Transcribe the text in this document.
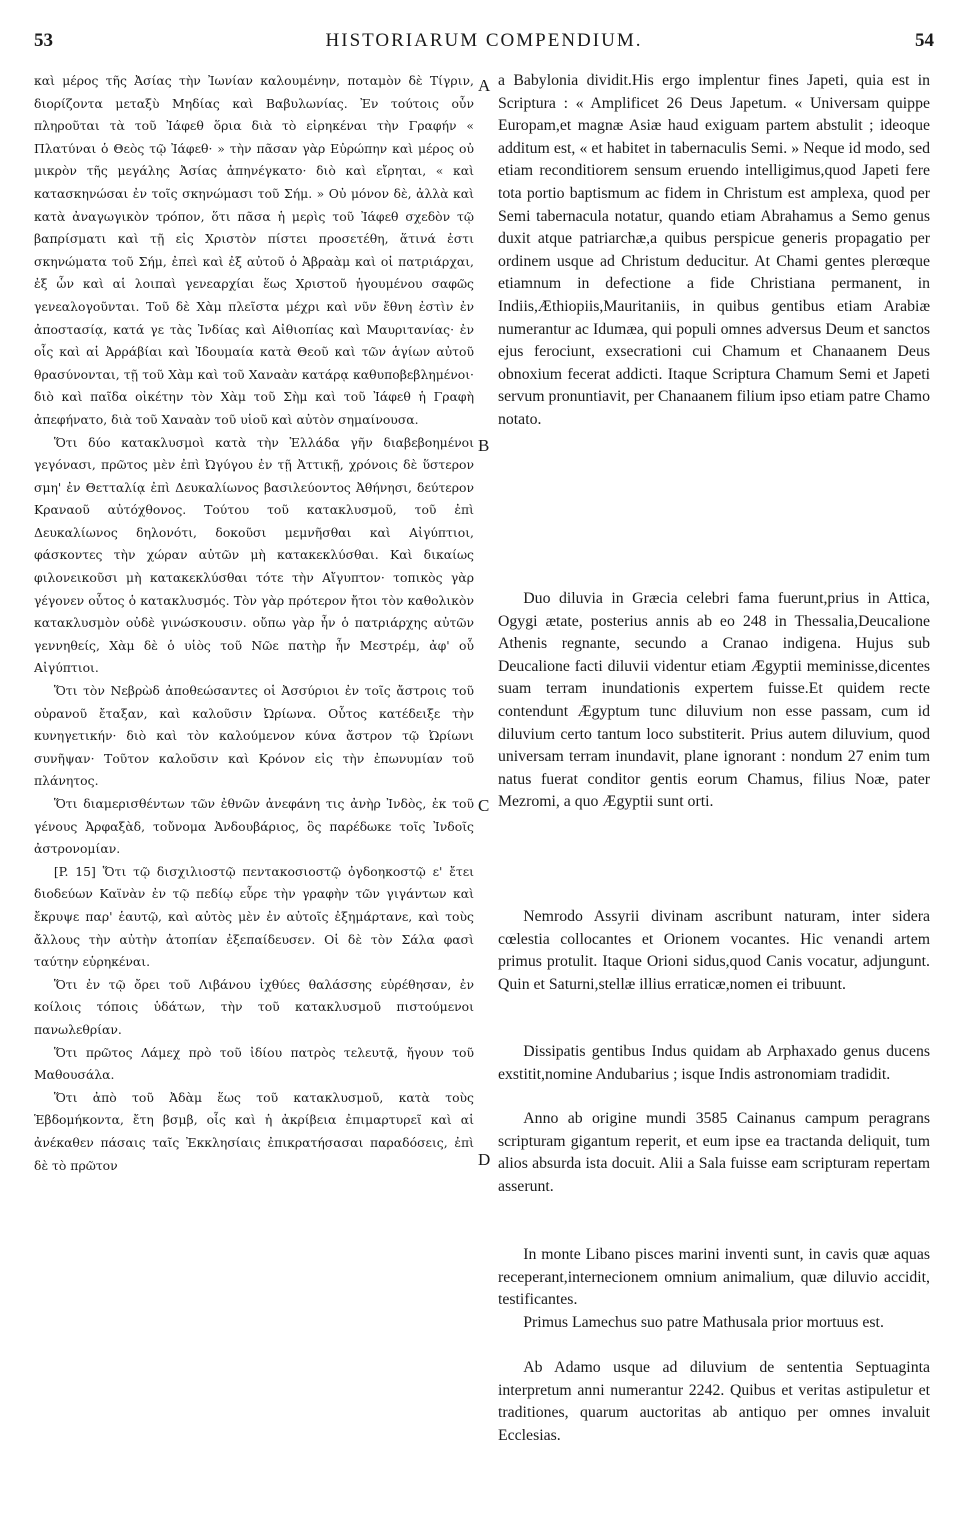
HISTORIARUM COMPENDIUM.
53	54

καὶ μέρος τῆς Ἀσίας τὴν Ἰωνίαν καλουμένην, ποταμὸν δὲ Τίγριν, διορίζοντα μεταξὺ Μηδίας καὶ Βαβυλωνίας. Ἐν τούτοις οὖν πληροῦται τὰ τοῦ Ἰάφεθ ὅρια διὰ τὸ εἰρηκέναι τὴν Γραφήν « Πλατύναι ὁ Θεὸς τῷ Ἰάφεθ· » τὴν πᾶσαν γὰρ Εὐρώπην καὶ μέρος οὐ μικρὸν τῆς μεγάλης Ἀσίας ἀπηνέγκατο· διὸ καὶ εἴρηται, « καὶ κατασκηνώσαι ἐν τοῖς σκηνώμασι τοῦ Σήμ. » Οὐ μόνον δὲ, ἀλλὰ καὶ κατὰ ἀναγωγικὸν τρόπον, ὅτι πᾶσα ἡ μερὶς τοῦ Ἰάφεθ σχεδὸν τῷ βαπρίσματι καὶ τῇ εἰς Χριστὸν πίστει προσετέθη, ἅτινά ἐστι σκηνώματα τοῦ Σήμ, ἐπεὶ καὶ ἐξ αὐτοῦ ὁ Ἀβραὰμ καὶ οἱ πατριάρχαι, ἐξ ὧν καὶ αἱ λοιπαὶ γενεαρχίαι ἕως Χριστοῦ ἡγουμένου σαφῶς γενεαλογοῦνται. Τοῦ δὲ Χὰμ πλεῖστα μέχρι καὶ νῦν ἔθνη ἐστὶν ἐν ἀποστασίᾳ, κατά γε τὰς Ἰνδίας καὶ Αἰθιοπίας καὶ Μαυριτανίας· ἐν οἷς καὶ αἱ Ἀρράβίαι καὶ Ἰδουμαία κατὰ Θεοῦ καὶ τῶν ἁγίων αὐτοῦ θρασύνονται, τῇ τοῦ Χὰμ καὶ τοῦ Χαναὰν κατάρᾳ καθυποβεβλημένοι· διὸ καὶ παῖδα οἰκέτην τὸν Χὰμ τοῦ Σὴμ καὶ τοῦ Ἰάφεθ ἡ Γραφὴ ἀπεφήνατο, διὰ τοῦ Χαναὰν τοῦ υἱοῦ καὶ αὐτὸν σημαίνουσα.

Ὅτι δύο κατακλυσμοὶ κατὰ τὴν Ἑλλάδα γῆν διαβεβοημένοι γεγόνασι, πρῶτος μὲν ἐπὶ Ὠγύγου ἐν τῇ Ἀττικῇ, χρόνοις δὲ ὕστερον σμη' ἐν Θετταλίᾳ ἐπὶ Δευκαλίωνος βασιλεύοντος Ἀθήνησι, δεύτερον Κραναοῦ αὐτόχθονος. Τούτου τοῦ κατακλυσμοῦ, τοῦ ἐπὶ Δευκαλίωνος δηλονότι, δοκοῦσι μεμνῆσθαι καὶ Αἰγύπτιοι, φάσκοντες τὴν χώραν αὐτῶν μὴ κατακεκλύσθαι. Καὶ δικαίως φιλονεικοῦσι μὴ κατακεκλύσθαι τότε τὴν Αἴγυπτον· τοπικὸς γὰρ γέγονεν οὗτος ὁ κατακλυσμός. Τὸν γὰρ πρότερον ἤτοι τὸν καθολικὸν κατακλυσμὸν οὐδὲ γινώσκουσιν. οὔπω γὰρ ἦν ὁ πατριάρχης αὐτῶν γεννηθείς, Χὰμ δὲ ὁ υἱὸς τοῦ Νῶε πατὴρ ἦν Μεστρέμ, ἀφ' οὗ Αἰγύπτιοι.

Ὅτι τὸν Νεβρὼδ ἀποθεώσαντες οἱ Ἀσσύριοι ἐν τοῖς ἄστροις τοῦ οὐρανοῦ ἔταξαν, καὶ καλοῦσιν Ὠρίωνα. Οὗτος κατέδειξε τὴν κυνηγετικήν· διὸ καὶ τὸν καλούμενον κύνα ἄστρον τῷ Ὠρίωνι συνῆψαν· Τοῦτον καλοῦσιν καὶ Κρόνον εἰς τὴν ἐπωνυμίαν τοῦ πλάνητος.

Ὅτι διαμερισθέντων τῶν ἐθνῶν ἀνεφάνη τις ἀνὴρ Ἰνδὸς, ἐκ τοῦ γένους Ἀρφαξὰδ, τοὔνομα Ἀνδουβάριος, ὃς παρέδωκε τοῖς Ἰνδοῖς ἀστρονομίαν.

[P. 15] Ὅτι τῷ δισχιλιοστῷ πεντακοσιοστῷ ὀγδοηκοστῷ ε' ἔτει διοδεύων Καϊνὰν ἐν τῷ πεδίῳ εὗρε τὴν γραφὴν τῶν γιγάντων καὶ ἔκρυψε παρ' ἑαυτῷ, καὶ αὐτὸς μὲν ἐν αὐτοῖς ἐξημάρτανε, καὶ τοὺς ἄλλους τὴν αὐτὴν ἀτοπίαν ἐξεπαίδευσεν. Οἱ δὲ τὸν Σάλα φασὶ ταύτην εὑρηκέναι.

Ὅτι ἐν τῷ ὄρει τοῦ Λιβάνου ἰχθύες θαλάσσης εὑρέθησαν, ἐν κοίλοις τόποις ὑδάτων, τὴν τοῦ κατακλυσμοῦ πιστούμενοι πανωλεθρίαν.

Ὅτι πρῶτος Λάμεχ πρὸ τοῦ ἰδίου πατρὸς τελευτᾷ, ἤγουν τοῦ Μαθουσάλα.

Ὅτι ἀπὸ τοῦ Ἀδὰμ ἕως τοῦ κατακλυσμοῦ, κατὰ τοὺς Ἑβδομήκοντα, ἔτη βσμβ, οἷς καὶ ἡ ἀκρίβεια ἐπιμαρτυρεῖ καὶ αἱ ἀνέκαθεν πάσαις ταῖς Ἐκκλησίαις ἐπικρατήσασαι παραδόσεις, ἐπὶ δὲ τὸ πρῶτον

A
B
C
D

a Babylonia dividit.His ergo implentur fines Japeti, quia est in Scriptura : « Amplificet 26 Deus Japetum. « Universam quippe Europam,et magnæ Asiæ haud exiguam partem abstulit ; ideoque additum est, « et habitet in tabernaculis Semi. » Neque id modo, sed etiam reconditiorem sensum eruendo intelligimus,quod Japeti fere tota portio baptismum ac fidem in Christum est amplexa, quod per Semi tabernacula notatur, quando etiam Abrahamus a Semo genus duxit atque patriarchæ,a quibus perspicue generis propagatio per ordinem usque ad Christum deducitur. At Chami gentes plerœque etiamnum in defectione a fide Christiana permanent, in Indiis,Æthiopiis,Mauritaniis, in quibus gentibus etiam Arabiæ numerantur ac Idumæa, qui populi omnes adversus Deum et sanctos ejus ferociunt, exsecrationi cui Chamum et Chanaanem Deus obnoxium fecerat addicti. Itaque Scriptura Chamum Semi et Japeti servum pronuntiavit, per Chanaanem filium ipso etiam patre Chamo notato.

Duo diluvia in Græcia celebri fama fuerunt,prius in Attica, Ogygi ætate, posterius annis ab eo 248 in Thessalia,Deucalione Athenis regnante, secundo a Cranao indigena. Hujus sub Deucalione facti diluvii videntur etiam Ægyptii meminisse,dicentes suam terram inundationis expertem fuisse.Et quidem recte contendunt Ægyptum tunc diluvium non esse passam, cum id diluvium certo tantum loco substiterit. Prius autem diluvium, quod universam terram inundavit, plane ignorant : nondum 27 enim tum natus fuerat conditor gentis eorum Chamus, filius Noæ, pater Mezromi, a quo Ægyptii sunt orti.

Nemrodo Assyrii divinam ascribunt naturam, inter sidera cœlestia collocantes et Orionem vocantes. Hic venandi artem primus protulit. Itaque Orioni sidus,quod Canis vocatur, adjungunt. Quin et Saturni,stellæ illius erraticæ,nomen ei tribuunt.

Dissipatis gentibus Indus quidam ab Arphaxado genus ducens exstitit,nomine Andubarius ; isque Indis astronomiam tradidit.

Anno ab origine mundi 3585 Cainanus campum peragrans scripturam gigantum reperit, et eum ipse ea tractanda deliquit, tum alios absurda ista docuit. Alii a Sala fuisse eam scripturam repertam asserunt.

In monte Libano pisces marini inventi sunt, in cavis quæ aquas receperant,internecionem omnium animalium, quæ diluvio accidit, testificantes.

Primus Lamechus suo patre Mathusala prior mortuus est.

Ab Adamo usque ad diluvium de sententia Septuaginta interpretum anni numerantur 2242. Quibus et veritas astipuletur et traditiones, quarum auctoritas ab antiquo per omnes invaluit Ecclesias.
